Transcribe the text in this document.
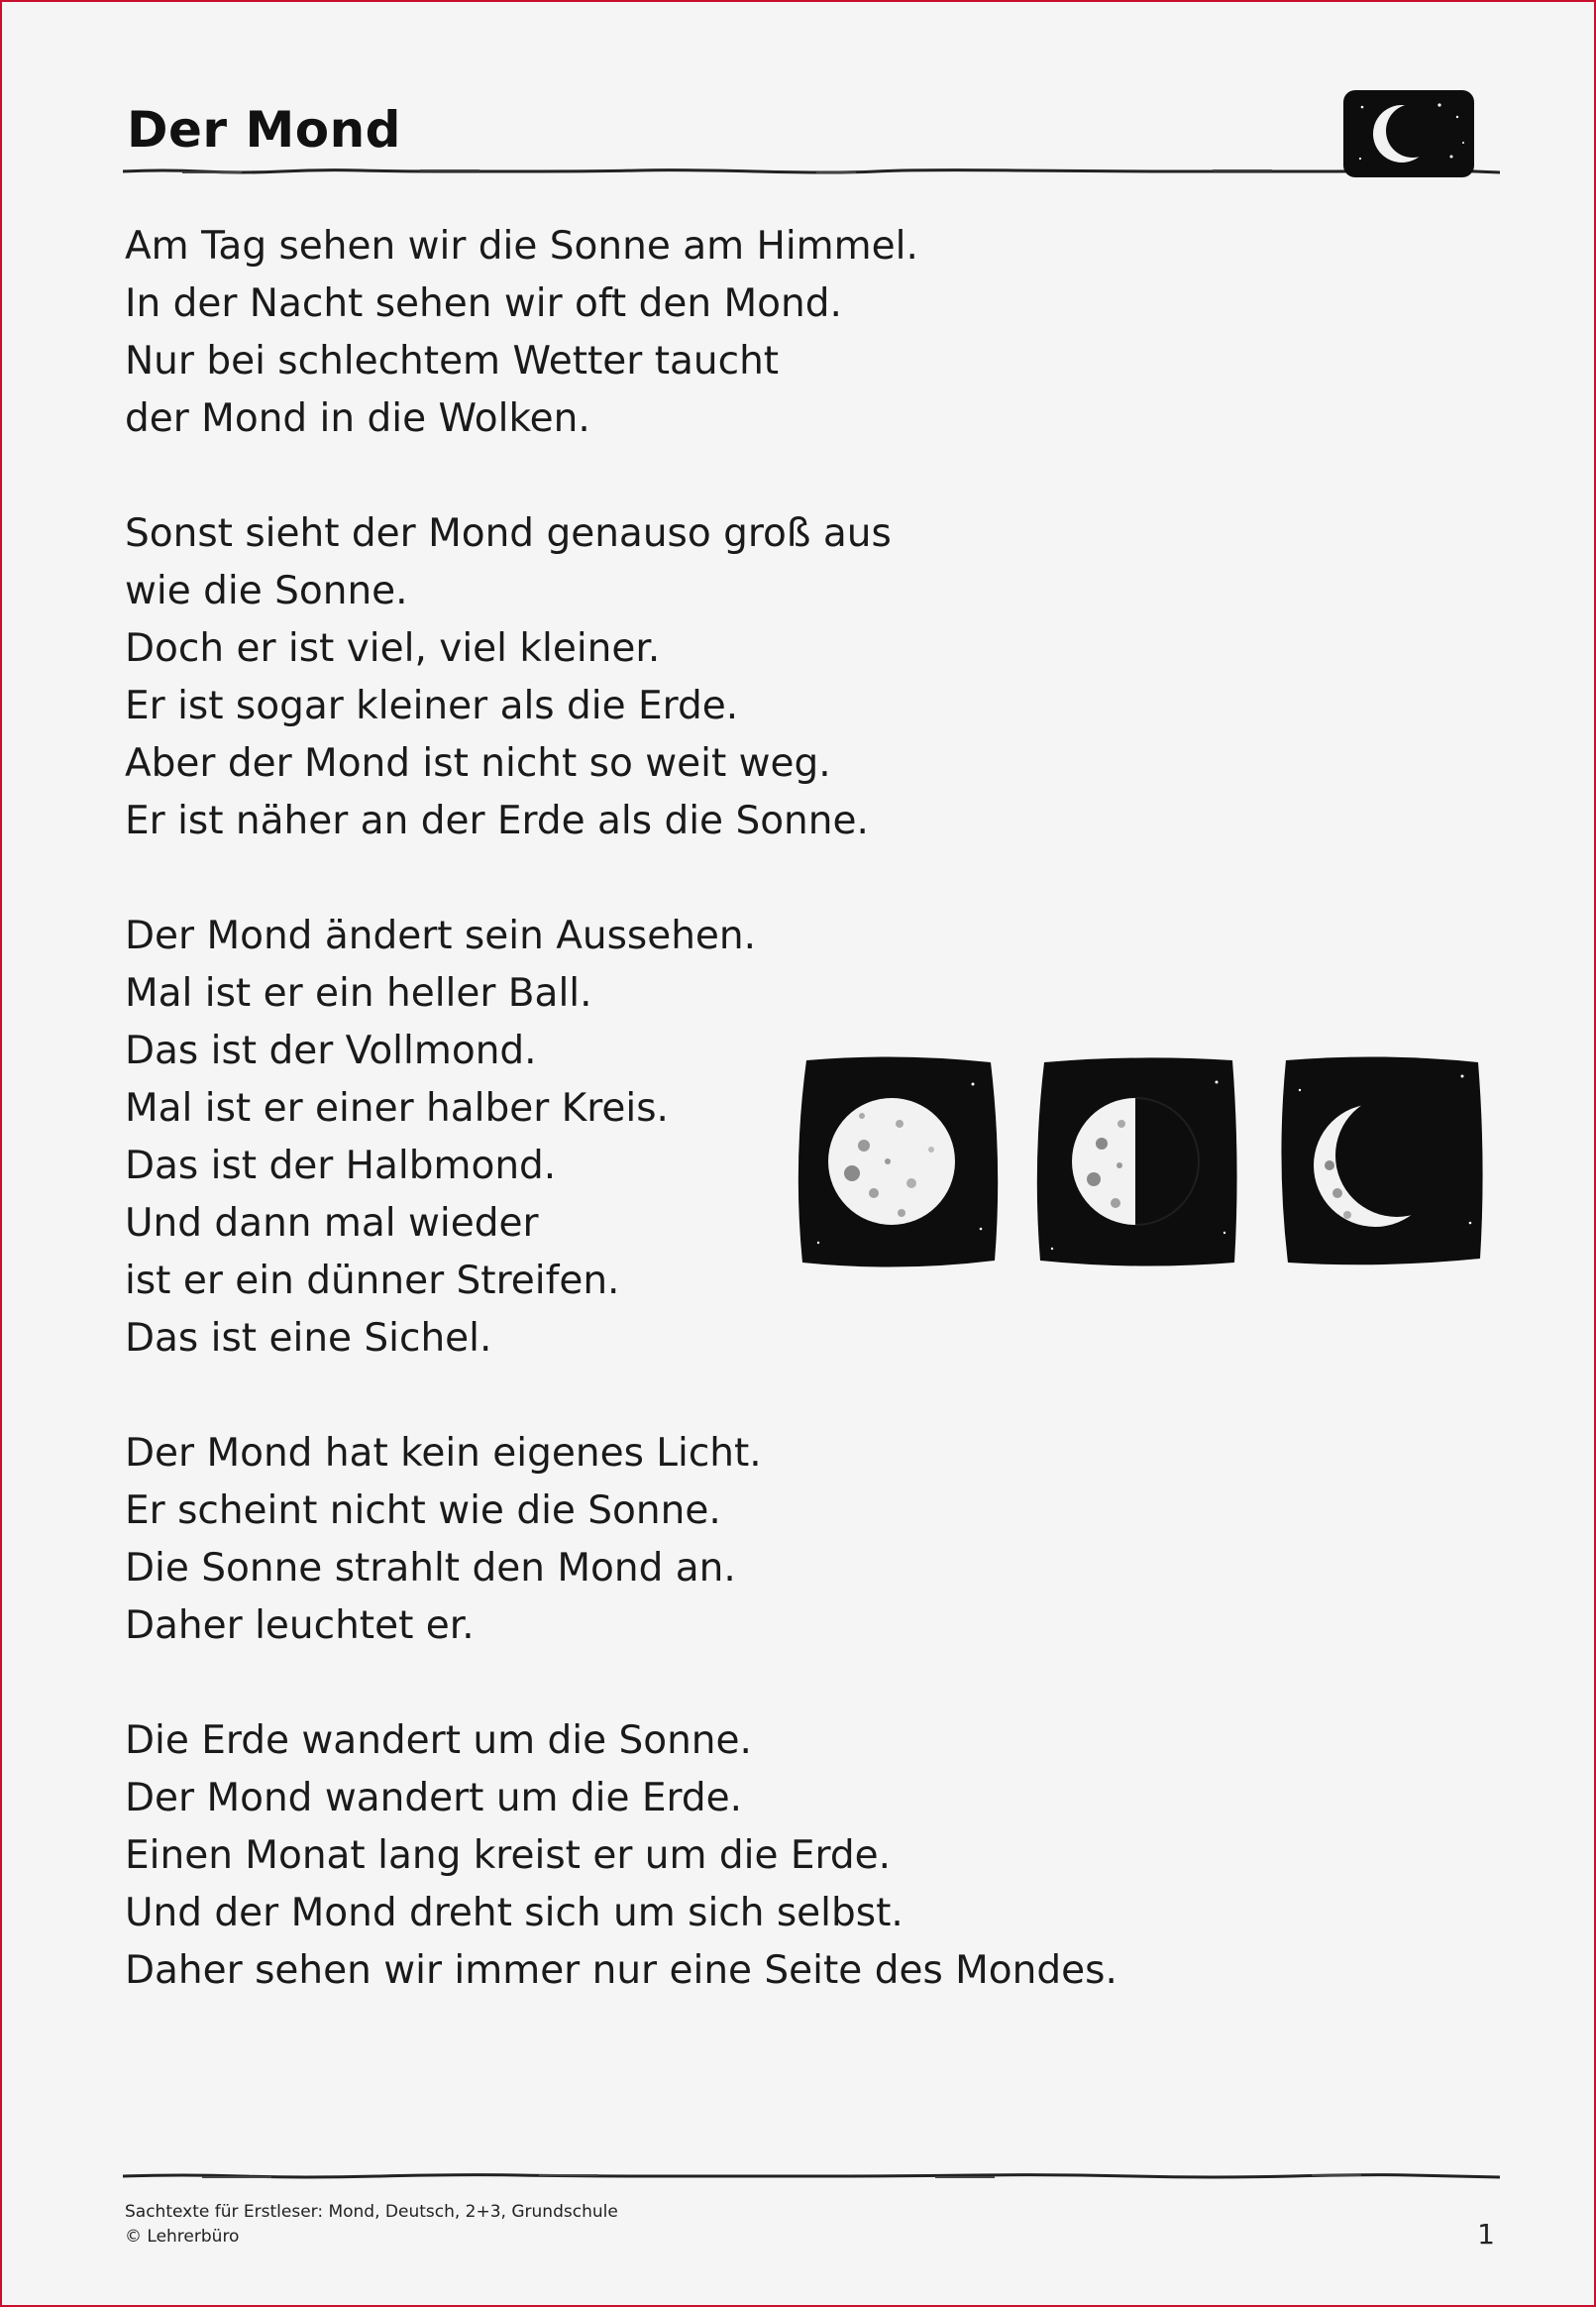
Der Mond
Am Tag sehen wir die Sonne am Himmel.
In der Nacht sehen wir oft den Mond.
Nur bei schlechtem Wetter taucht
der Mond in die Wolken.
Sonst sieht der Mond genauso groß aus
wie die Sonne.
Doch er ist viel, viel kleiner.
Er ist sogar kleiner als die Erde.
Aber der Mond ist nicht so weit weg.
Er ist näher an der Erde als die Sonne.
Der Mond ändert sein Aussehen.
Mal ist er ein heller Ball.
Das ist der Vollmond.
Mal ist er einer halber Kreis.
Das ist der Halbmond.
Und dann mal wieder
ist er ein dünner Streifen.
Das ist eine Sichel.
Der Mond hat kein eigenes Licht.
Er scheint nicht wie die Sonne.
Die Sonne strahlt den Mond an.
Daher leuchtet er.
Die Erde wandert um die Sonne.
Der Mond wandert um die Erde.
Einen Monat lang kreist er um die Erde.
Und der Mond dreht sich um sich selbst.
Daher sehen wir immer nur eine Seite des Mondes.
Sachtexte für Erstleser: Mond, Deutsch, 2+3, Grundschule
© Lehrerbüro	1
